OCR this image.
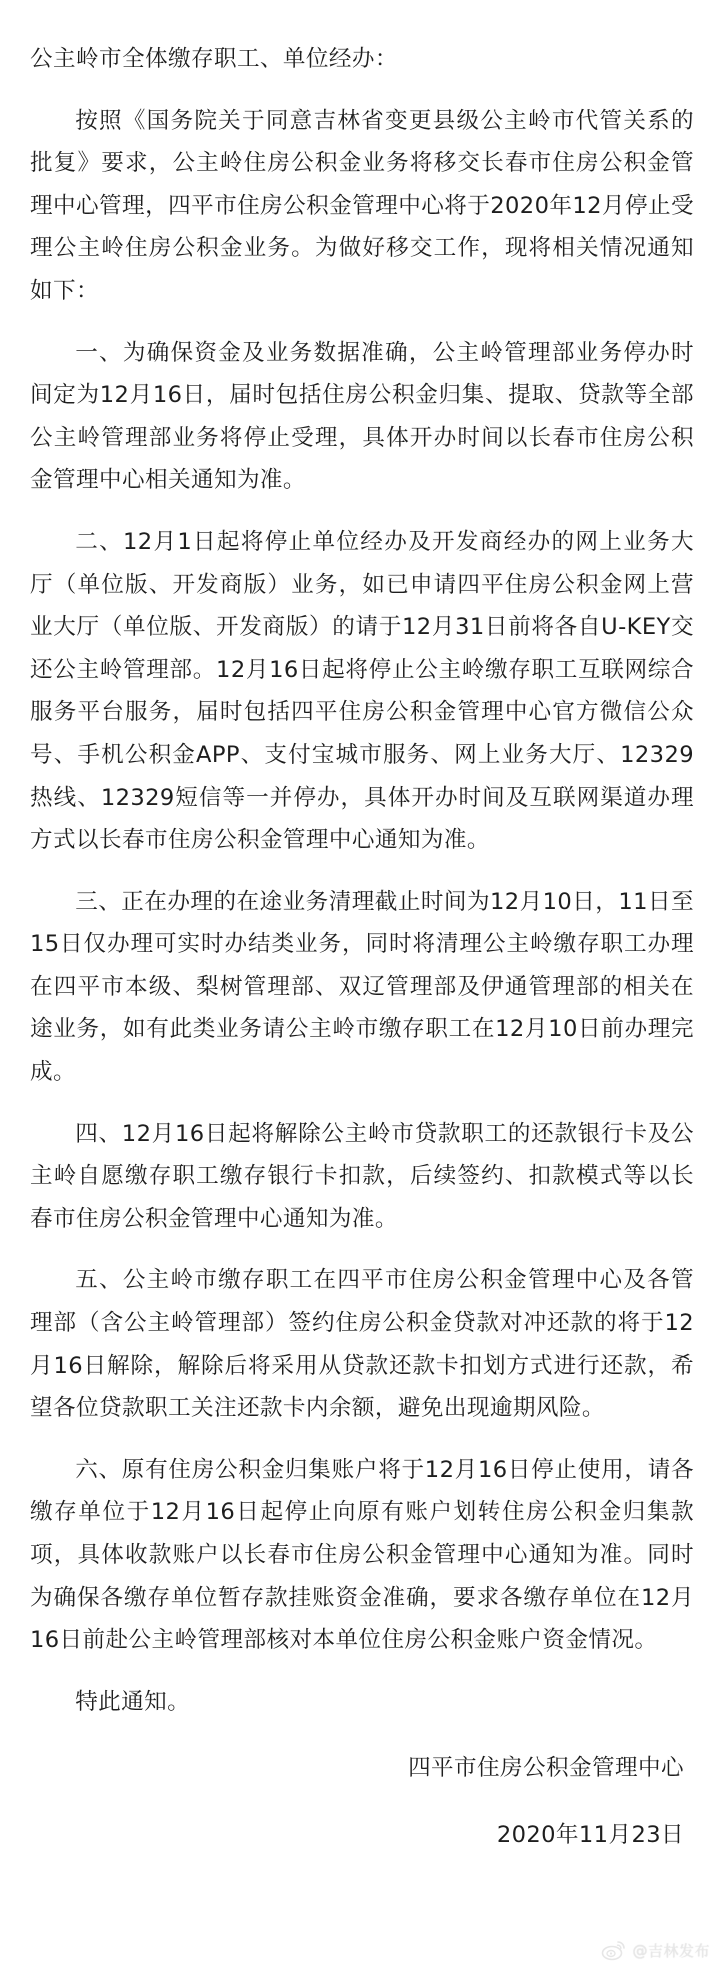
公主岭市全体缴存职工、单位经办：
按照《国务院关于同意吉林省变更县级公主岭市代管关系的批复》要求，公主岭住房公积金业务将移交长春市住房公积金管理中心管理，四平市住房公积金管理中心将于2020年12月停止受理公主岭住房公积金业务。为做好移交工作，现将相关情况通知如下：
一、为确保资金及业务数据准确，公主岭管理部业务停办时间定为12月16日，届时包括住房公积金归集、提取、贷款等全部公主岭管理部业务将停止受理，具体开办时间以长春市住房公积金管理中心相关通知为准。
二、12月1日起将停止单位经办及开发商经办的网上业务大厅（单位版、开发商版）业务，如已申请四平住房公积金网上营业大厅（单位版、开发商版）的请于12月31日前将各自U-KEY交还公主岭管理部。12月16日起将停止公主岭缴存职工互联网综合服务平台服务，届时包括四平住房公积金管理中心官方微信公众号、手机公积金APP、支付宝城市服务、网上业务大厅、12329热线、12329短信等一并停办，具体开办时间及互联网渠道办理方式以长春市住房公积金管理中心通知为准。
三、正在办理的在途业务清理截止时间为12月10日，11日至15日仅办理可实时办结类业务，同时将清理公主岭缴存职工办理在四平市本级、梨树管理部、双辽管理部及伊通管理部的相关在途业务，如有此类业务请公主岭市缴存职工在12月10日前办理完成。
四、12月16日起将解除公主岭市贷款职工的还款银行卡及公主岭自愿缴存职工缴存银行卡扣款，后续签约、扣款模式等以长春市住房公积金管理中心通知为准。
五、公主岭市缴存职工在四平市住房公积金管理中心及各管理部（含公主岭管理部）签约住房公积金贷款对冲还款的将于12月16日解除，解除后将采用从贷款还款卡扣划方式进行还款，希望各位贷款职工关注还款卡内余额，避免出现逾期风险。
六、原有住房公积金归集账户将于12月16日停止使用，请各缴存单位于12月16日起停止向原有账户划转住房公积金归集款项，具体收款账户以长春市住房公积金管理中心通知为准。同时为确保各缴存单位暂存款挂账资金准确，要求各缴存单位在12月16日前赴公主岭管理部核对本单位住房公积金账户资金情况。
特此通知。
四平市住房公积金管理中心
2020年11月23日
@吉林发布
